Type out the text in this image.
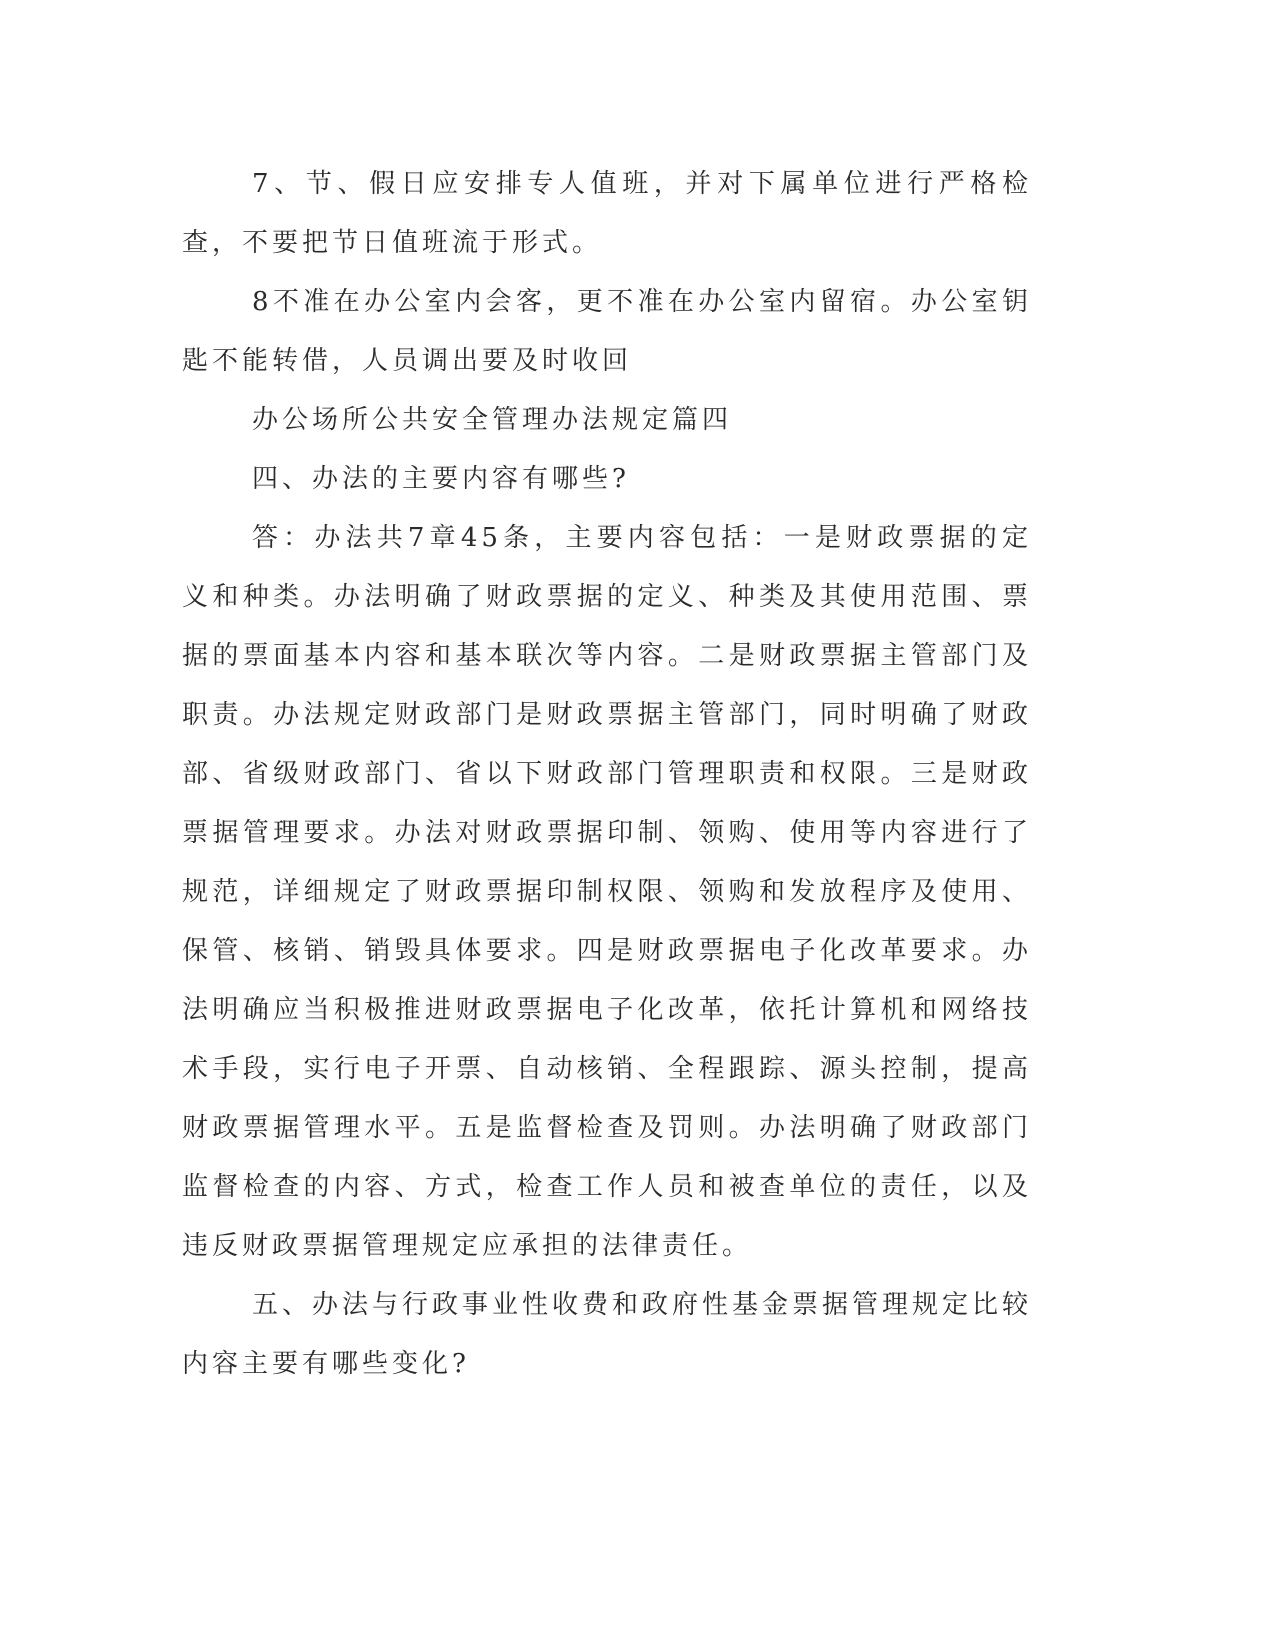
7、节、假日应安排专人值班，并对下属单位进行严格检查，不要把节日值班流于形式。

8不准在办公室内会客，更不准在办公室内留宿。办公室钥匙不能转借，人员调出要及时收回

办公场所公共安全管理办法规定篇四

四、办法的主要内容有哪些?

答：办法共7章45条，主要内容包括：一是财政票据的定义和种类。办法明确了财政票据的定义、种类及其使用范围、票据的票面基本内容和基本联次等内容。二是财政票据主管部门及职责。办法规定财政部门是财政票据主管部门，同时明确了财政部、省级财政部门、省以下财政部门管理职责和权限。三是财政票据管理要求。办法对财政票据印制、领购、使用等内容进行了规范，详细规定了财政票据印制权限、领购和发放程序及使用、保管、核销、销毁具体要求。四是财政票据电子化改革要求。办法明确应当积极推进财政票据电子化改革，依托计算机和网络技术手段，实行电子开票、自动核销、全程跟踪、源头控制，提高财政票据管理水平。五是监督检查及罚则。办法明确了财政部门监督检查的内容、方式，检查工作人员和被查单位的责任，以及违反财政票据管理规定应承担的法律责任。

五、办法与行政事业性收费和政府性基金票据管理规定比较内容主要有哪些变化?
